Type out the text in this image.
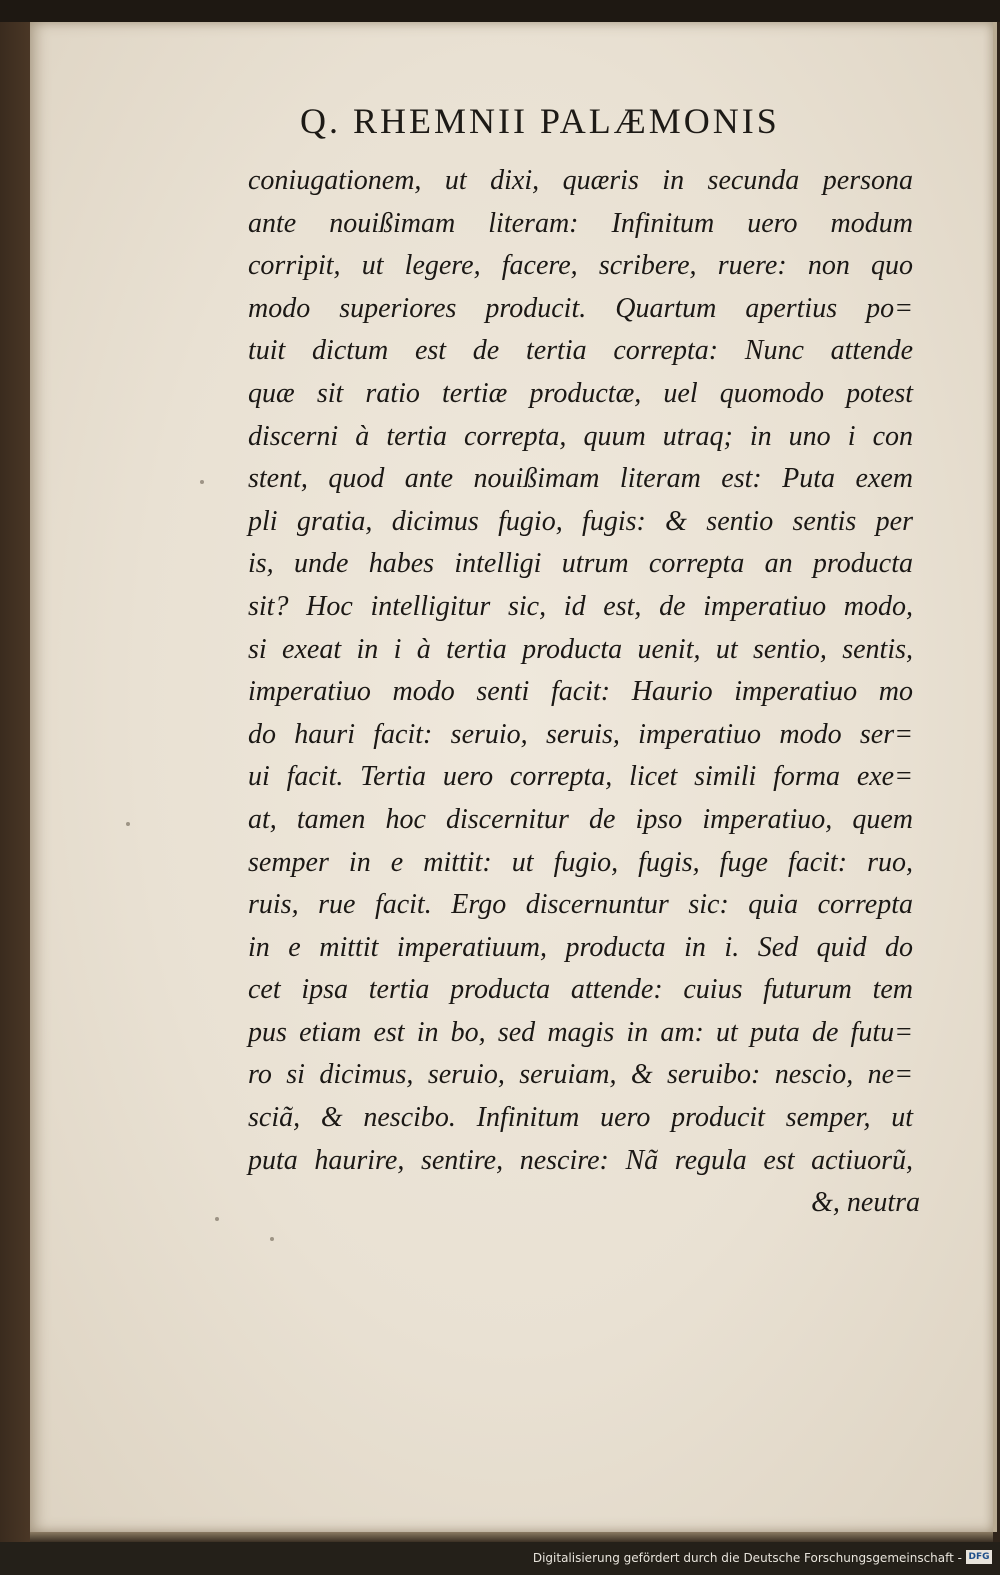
Q. RHEMNII PALÆMONIS
coniugationem, ut dixi, quæris in secunda persona
ante nouißimam literam: Infinitum uero modum
corripit, ut legere, facere, scribere, ruere: non quo
modo superiores producit. Quartum apertius po=
tuit dictum est de tertia correpta: Nunc attende
quæ sit ratio tertiæ productæ, uel quomodo potest
discerni à tertia correpta, quum utraq; in uno i con
stent, quod ante nouißimam literam est: Puta exem
pli gratia, dicimus fugio, fugis: & sentio sentis per
is, unde habes intelligi utrum correpta an producta
sit? Hoc intelligitur sic, id est, de imperatiuo modo,
si exeat in i à tertia producta uenit, ut sentio, sentis,
imperatiuo modo senti facit: Haurio imperatiuo mo
do hauri facit: seruio, seruis, imperatiuo modo ser=
ui facit. Tertia uero correpta, licet simili forma exe=
at, tamen hoc discernitur de ipso imperatiuo, quem
semper in e mittit: ut fugio, fugis, fuge facit: ruo,
ruis, rue facit. Ergo discernuntur sic: quia correpta
in e mittit imperatiuum, producta in i. Sed quid do
cet ipsa tertia producta attende: cuius futurum tem
pus etiam est in bo, sed magis in am: ut puta de futu=
ro si dicimus, seruio, seruiam, & seruibo: nescio, ne=
sciã, & nescibo. Infinitum uero producit semper, ut
puta haurire, sentire, nescire: Nã regula est actiuorũ,
&, neutra
Digitalisierung gefördert durch die Deutsche Forschungsgemeinschaft - DFG
